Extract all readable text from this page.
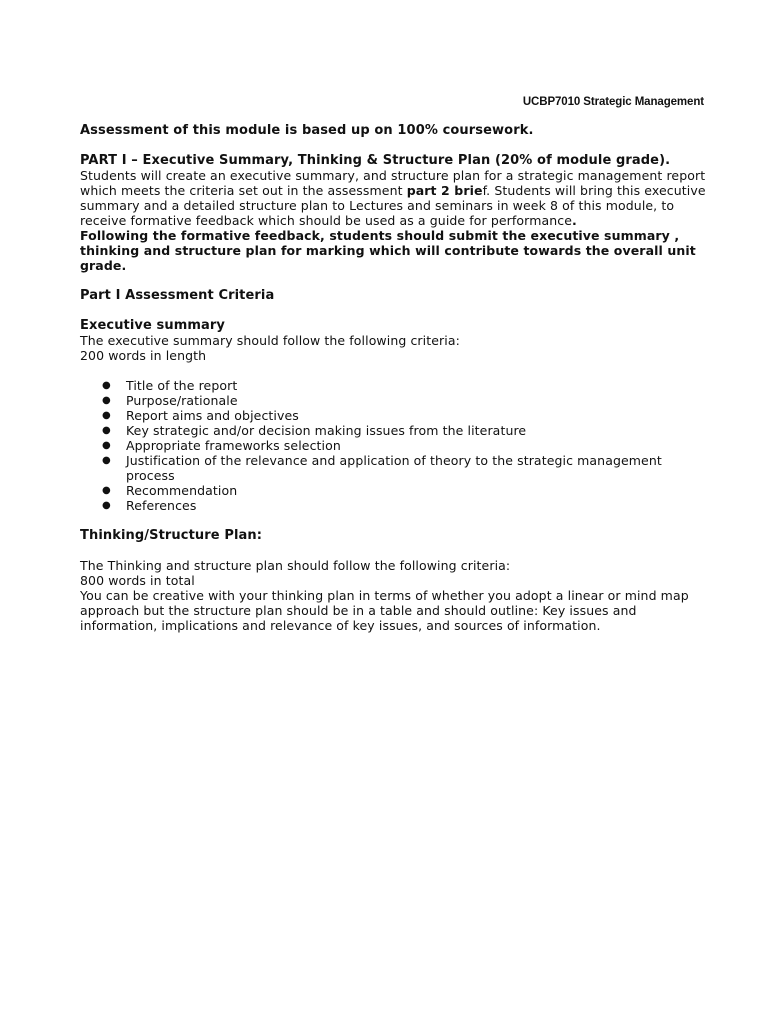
UCBP7010 Strategic Management

Assessment of this module is based up on 100% coursework.

PART I – Executive Summary, Thinking & Structure Plan (20% of module grade).

Students will create an executive summary, and structure plan for a strategic management report which meets the criteria set out in the assessment part 2 brief. Students will bring this executive summary and a detailed structure plan to Lectures and seminars in week 8 of this module, to receive formative feedback which should be used as a guide for performance.

Following the formative feedback, students should submit the executive summary , thinking and structure plan for marking which will contribute towards the overall unit grade.

Part I Assessment Criteria

Executive summary

The executive summary should follow the following criteria:

200 words in length

● Title of the report
● Purpose/rationale
● Report aims and objectives
● Key strategic and/or decision making issues from the literature
● Appropriate frameworks selection
● Justification of the relevance and application of theory to the strategic management process
● Recommendation
● References

Thinking/Structure Plan:

The Thinking and structure plan should follow the following criteria:

800 words in total

You can be creative with your thinking plan in terms of whether you adopt a linear or mind map approach but the structure plan should be in a table and should outline: Key issues and information, implications and relevance of key issues, and sources of information.
